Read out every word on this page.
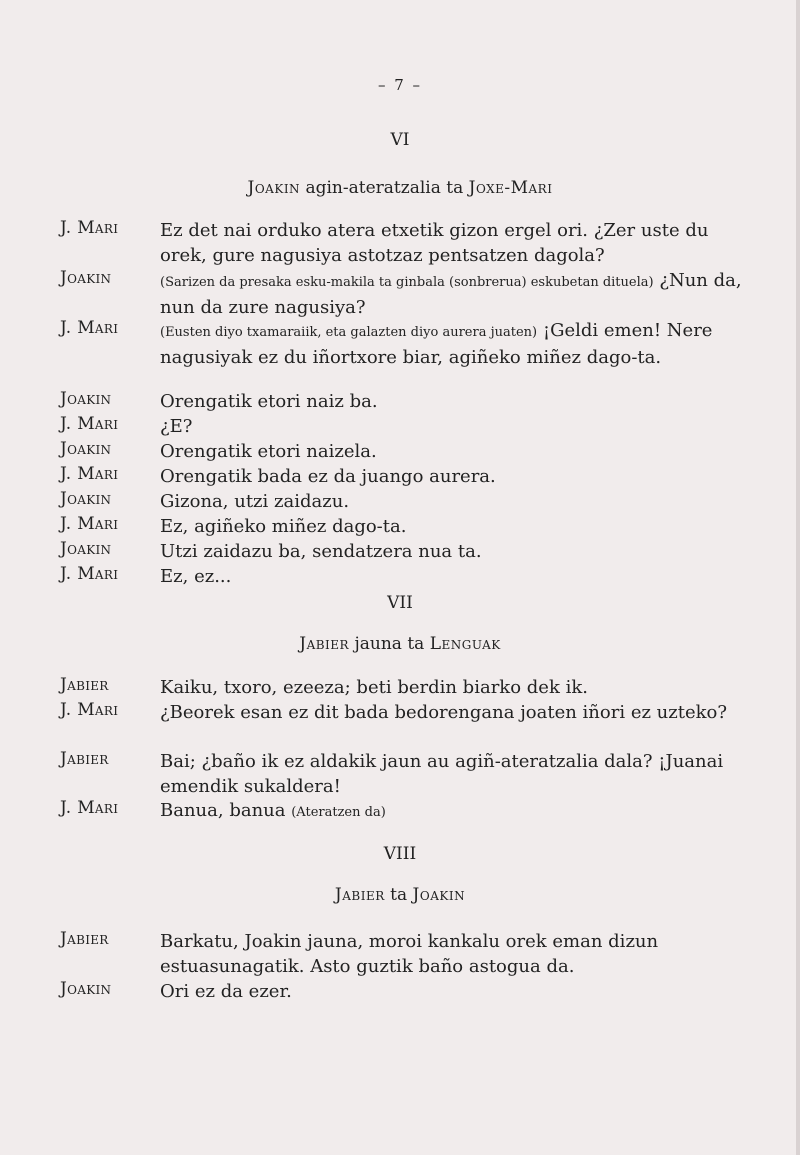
– 7 –
VI
Joakin agin-ateratzalia ta Joxe-Mari
J. Mari Ez det nai orduko atera etxetik gizon ergel ori. ¿Zer uste du orek, gure nagusiya astotzaz pentsatzen dagola?
Joakin	(Sarizen da presaka esku-makila ta ginbala (sonbreruа) eskubetan dituela) ¿Nun da, nun da zure nagusiya?
J. Mari	(Eusten diyo txamaraiik, eta galazten diyo aurera juaten) ¡Geldi emen! Nere nagusiyak ez du iñortxore biar, agiñeko miñez dago-ta.
Joakin	Orengatik etori naiz ba.
J. Mari ¿E?
Joakin	Orengatik etori naizela.
J. Mari Orengatik bada ez da juango aurera.
Joakin	Gizona, utzi zaidazu.
J. Mari Ez, agiñeko miñez dago-ta.
Joakin	Utzi zaidazu ba, sendatzera nua ta.
J. Mari Ez, ez...
VII
Jabier jauna ta Lenguak
Jabier	Kaiku, txoro, ezeeza; beti berdin biarko dek ik.
J. Mari ¿Beorek esan ez dit bada bedorengana joaten iñori ez uzteko?
Jabier	Bai; ¿baño ik ez aldakik jaun au agiñ-ateratzalia dala? ¡Juanai emendik sukaldera!
J. Mari Banua, banua (Ateratzen da)
VIII
Jabier ta Joakin
Jabier	Barkatu, Joakin jauna, moroi kankalu orek eman dizun estuasunagatik. Asto guztik baño astogua da.
Joakin	Ori ez da ezer.
